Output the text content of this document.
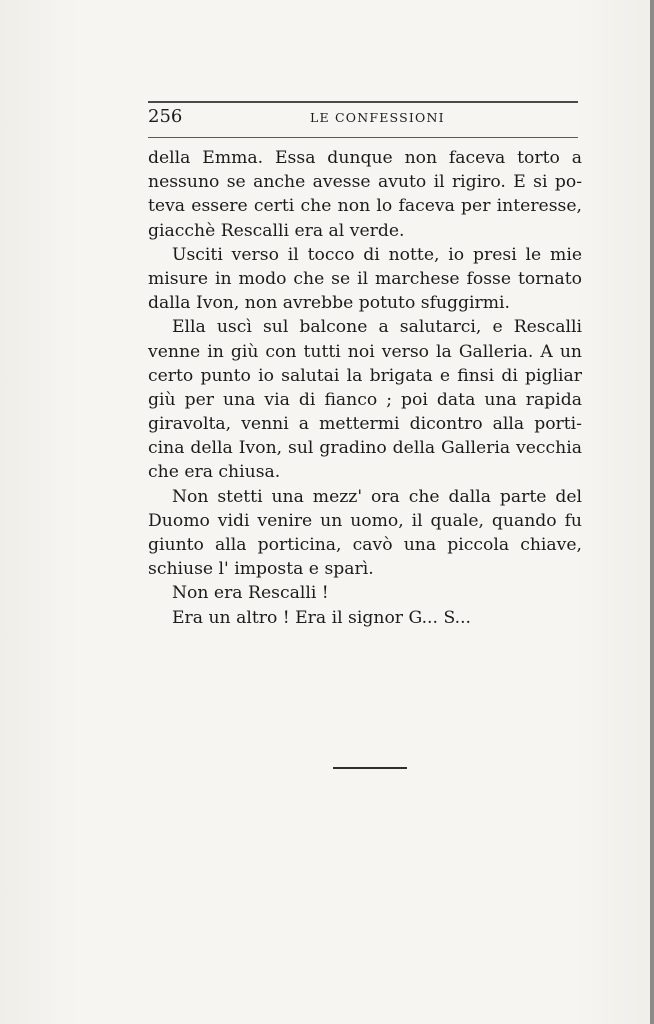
256	LE CONFESSIONI
della Emma. Essa dunque non faceva torto a
nessuno se anche avesse avuto il rigiro. E si po-
teva essere certi che non lo faceva per interesse,
giacchè Rescalli era al verde.
Usciti verso il tocco di notte, io presi le mie
misure in modo che se il marchese fosse tornato
dalla Ivon, non avrebbe potuto sfuggirmi.
Ella uscì sul balcone a salutarci, e Rescalli
venne in giù con tutti noi verso la Galleria. A un
certo punto io salutai la brigata e finsi di pigliar
giù per una via di fianco ; poi data una rapida
giravolta, venni a mettermi dicontro alla porti-
cina della Ivon, sul gradino della Galleria vecchia
che era chiusa.
Non stetti una mezz' ora che dalla parte del
Duomo vidi venire un uomo, il quale, quando fu
giunto alla porticina, cavò una piccola chiave,
schiuse l' imposta e sparì.
Non era Rescalli !
Era un altro ! Era il signor G... S...
